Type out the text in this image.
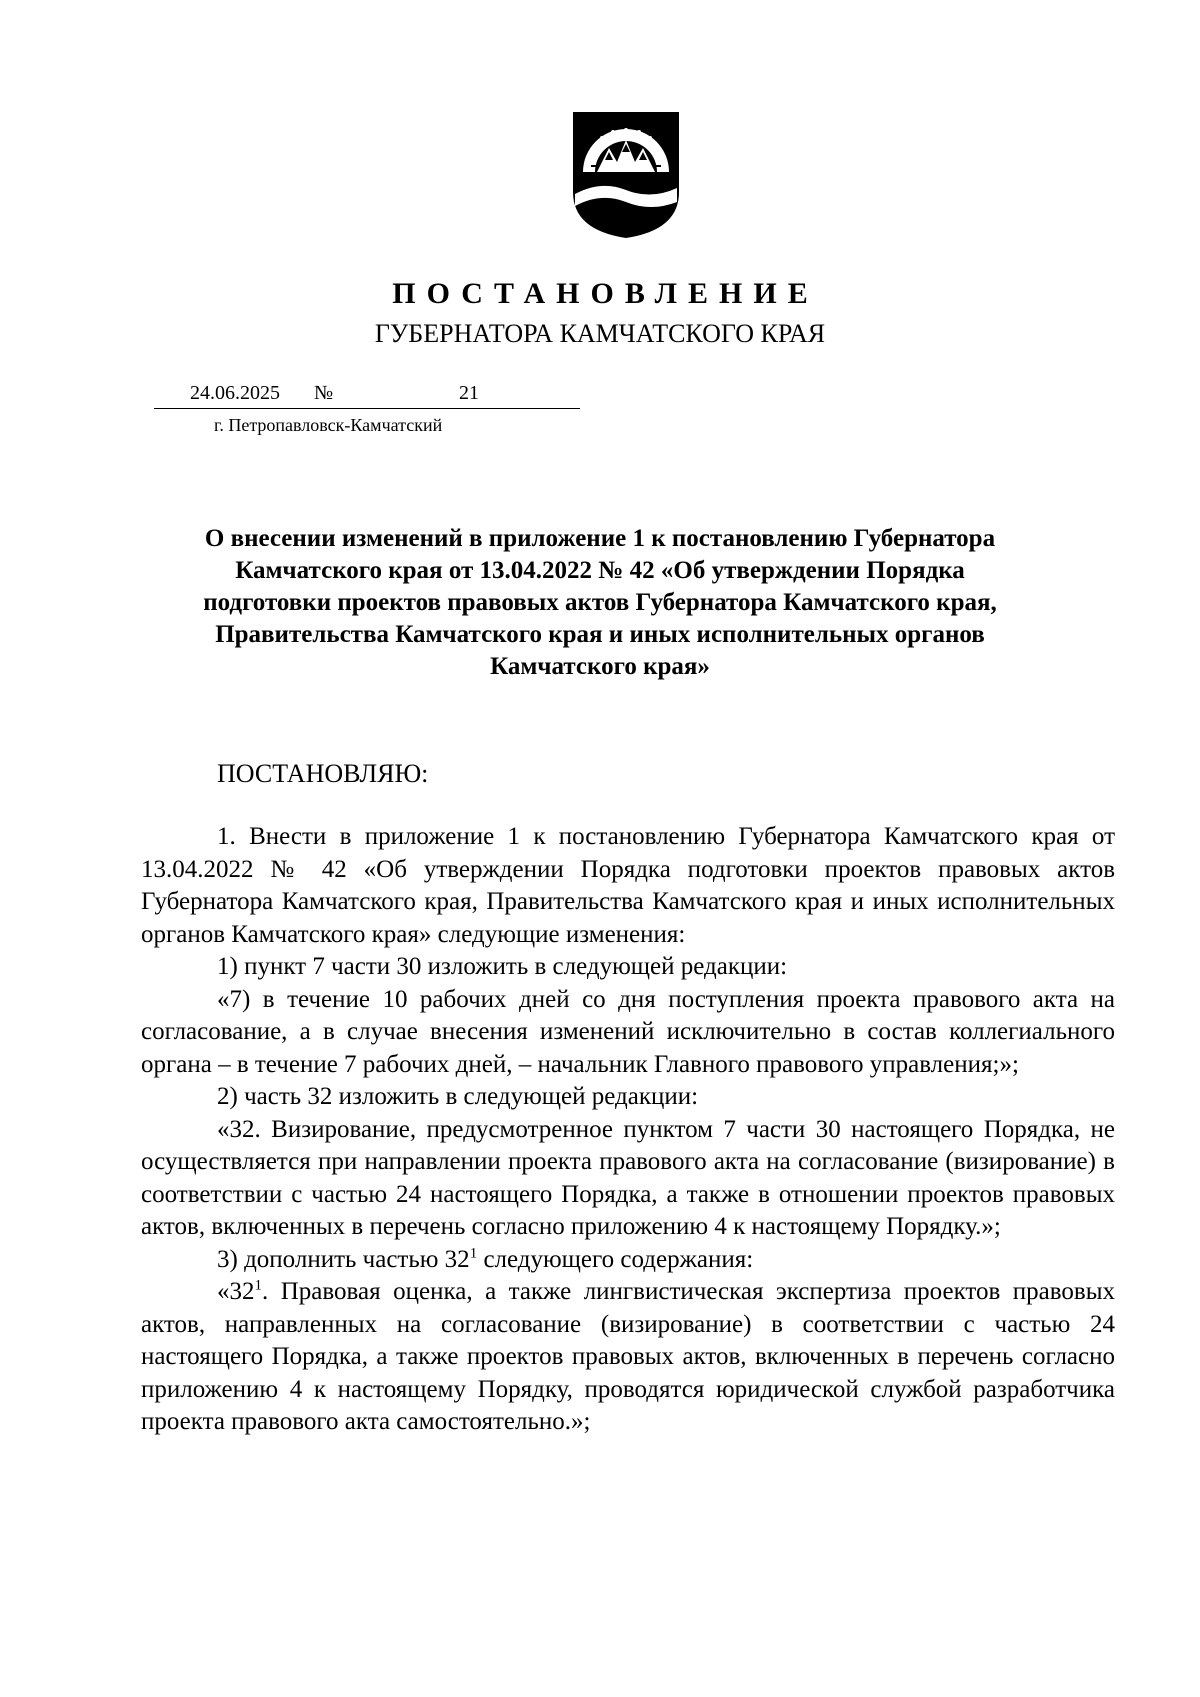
ПОСТАНОВЛЕНИЕ
ГУБЕРНАТОРА КАМЧАТСКОГО КРАЯ
24.06.2025 №	21
г. Петропавловск-Камчатский
О внесении изменений в приложение 1 к постановлению Губернатора Камчатского края от 13.04.2022 № 42 «Об утверждении Порядка подготовки проектов правовых актов Губернатора Камчатского края, Правительства Камчатского края и иных исполнительных органов Камчатского края»
ПОСТАНОВЛЯЮ:

1. Внести в приложение 1 к постановлению Губернатора Камчатского края от 13.04.2022 № 42 «Об утверждении Порядка подготовки проектов правовых актов Губернатора Камчатского края, Правительства Камчатского края и иных исполнительных органов Камчатского края» следующие изменения:

1) пункт 7 части 30 изложить в следующей редакции:

«7) в течение 10 рабочих дней со дня поступления проекта правового акта на согласование, а в случае внесения изменений исключительно в состав коллегиального органа – в течение 7 рабочих дней, – начальник Главного правового управления;»;

2) часть 32 изложить в следующей редакции:

«32. Визирование, предусмотренное пунктом 7 части 30 настоящего Порядка, не осуществляется при направлении проекта правового акта на согласование (визирование) в соответствии с частью 24 настоящего Порядка, а также в отношении проектов правовых актов, включенных в перечень согласно приложению 4 к настоящему Порядку.»;

3) дополнить частью $32^1$ следующего содержания:

«$32^1$. Правовая оценка, а также лингвистическая экспертиза проектов правовых актов, направленных на согласование (визирование) в соответствии с частью 24 настоящего Порядка, а также проектов правовых актов, включенных в перечень согласно приложению 4 к настоящему Порядку, проводятся юридической службой разработчика проекта правового акта самостоятельно.»;
